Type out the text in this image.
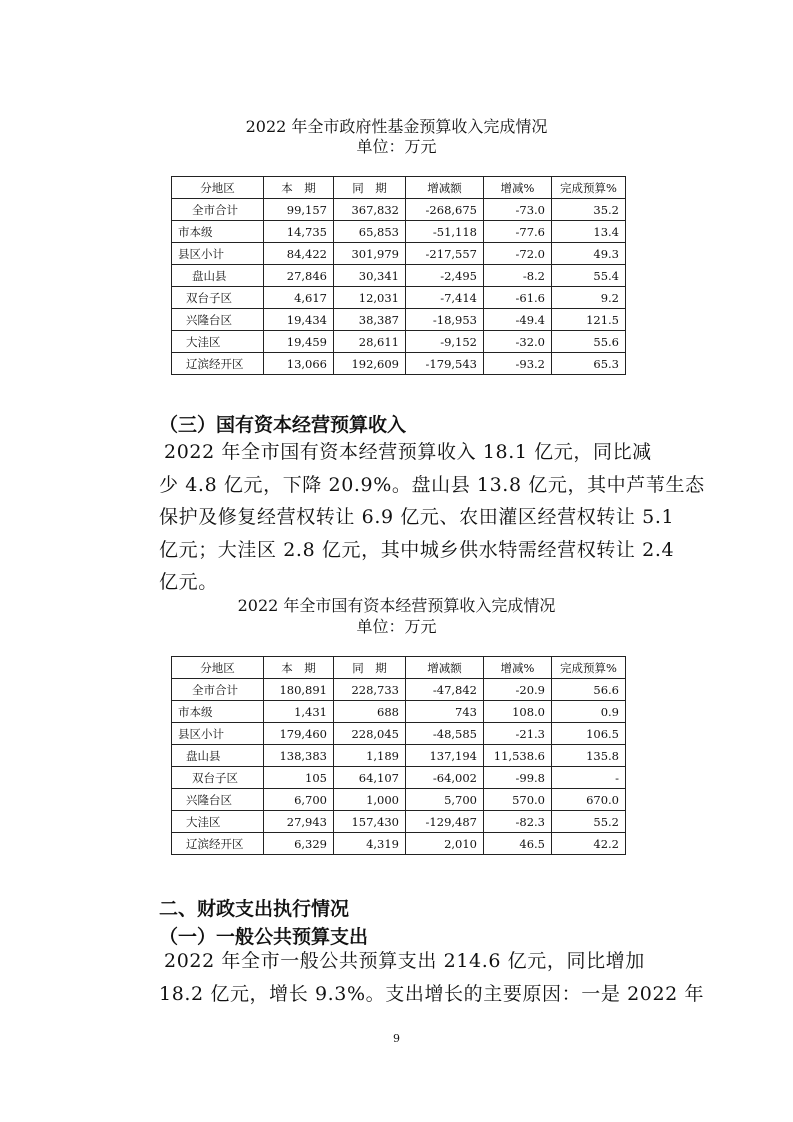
2022 年全市政府性基金预算收入完成情况
单位：万元
分地区	本　期	同　期	增减额	增减%	完成预算%
全市合计	99,157	367,832	-268,675	-73.0	35.2
市本级	14,735	65,853	-51,118	-77.6	13.4
县区小计	84,422	301,979	-217,557	-72.0	49.3
盘山县	27,846	30,341	-2,495	-8.2	55.4
双台子区	4,617	12,031	-7,414	-61.6	9.2
兴隆台区	19,434	38,387	-18,953	-49.4	121.5
大洼区	19,459	28,611	-9,152	-32.0	55.6
辽滨经开区	13,066	192,609	-179,543	-93.2	65.3
（三）国有资本经营预算收入
2022 年全市国有资本经营预算收入 18.1 亿元，同比减
少 4.8 亿元，下降 20.9%。盘山县 13.8 亿元，其中芦苇生态
保护及修复经营权转让 6.9 亿元、农田灌区经营权转让 5.1
亿元；大洼区 2.8 亿元，其中城乡供水特需经营权转让 2.4
亿元。
2022 年全市国有资本经营预算收入完成情况
单位：万元
分地区	本　期	同　期	增减额	增减%	完成预算%
全市合计	180,891	228,733	-47,842	-20.9	56.6
市本级	1,431	688	743	108.0	0.9
县区小计	179,460	228,045	-48,585	-21.3	106.5
盘山县	138,383	1,189	137,194	11,538.6	135.8
双台子区	105	64,107	-64,002	-99.8	-
兴隆台区	6,700	1,000	5,700	570.0	670.0
大洼区	27,943	157,430	-129,487	-82.3	55.2
辽滨经开区	6,329	4,319	2,010	46.5	42.2
二、财政支出执行情况
（一）一般公共预算支出
2022 年全市一般公共预算支出 214.6 亿元，同比增加
18.2 亿元，增长 9.3%。支出增长的主要原因：一是 2022 年
9
